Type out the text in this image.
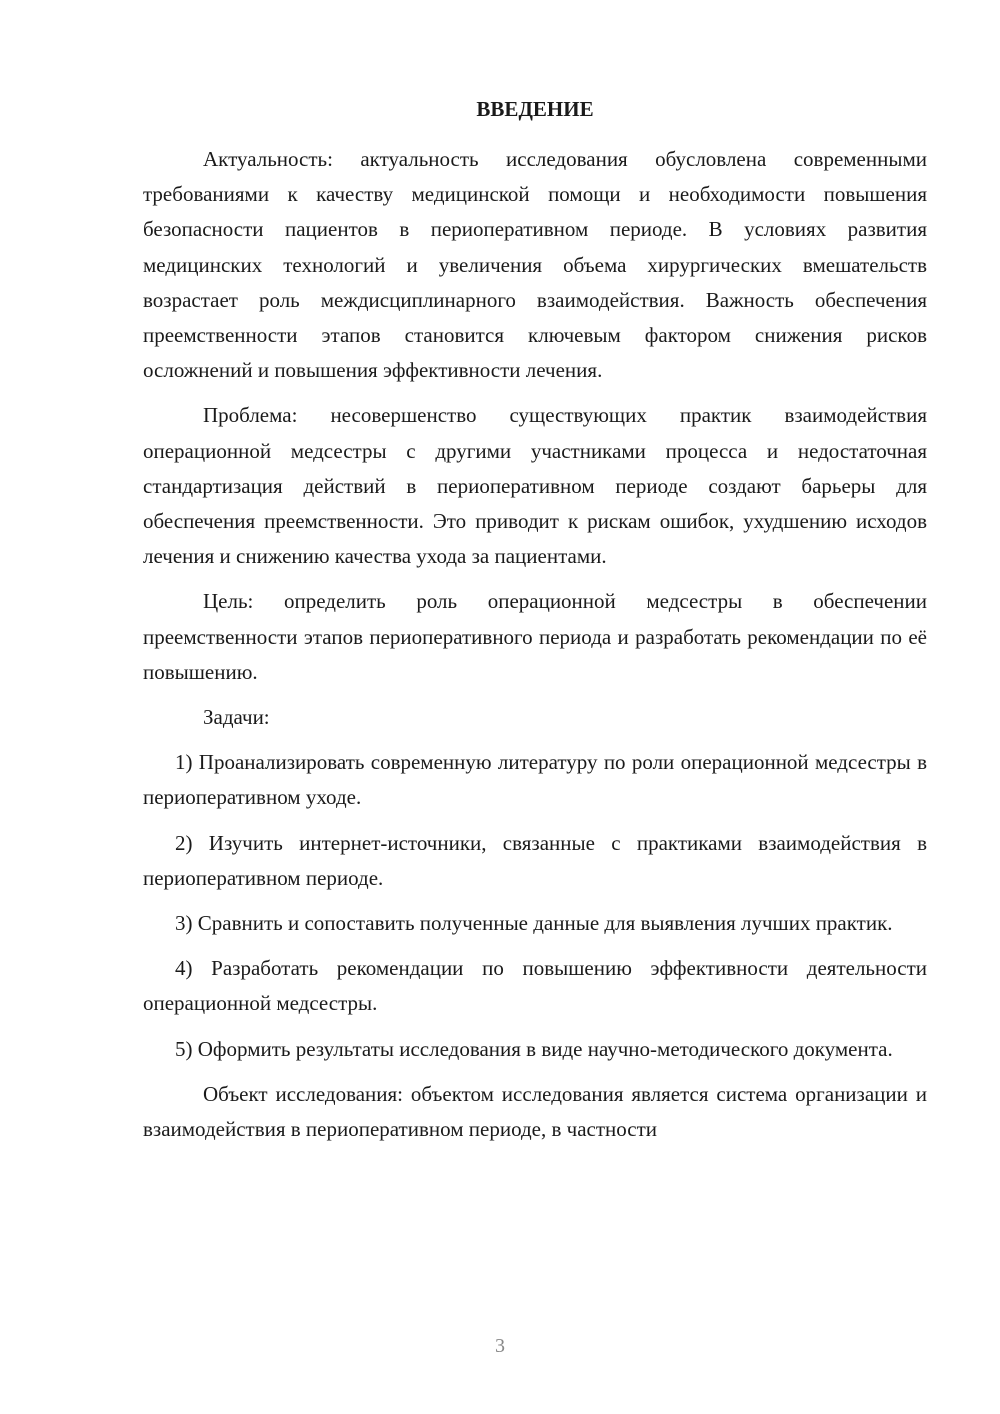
ВВЕДЕНИЕ

Актуальность: актуальность исследования обусловлена современными требованиями к качеству медицинской помощи и необходимости повышения безопасности пациентов в периоперативном периоде. В условиях развития медицинских технологий и увеличения объема хирургических вмешательств возрастает роль междисциплинарного взаимодействия. Важность обеспечения преемственности этапов становится ключевым фактором снижения рисков осложнений и повышения эффективности лечения.

Проблема: несовершенство существующих практик взаимодействия операционной медсестры с другими участниками процесса и недостаточная стандартизация действий в периоперативном периоде создают барьеры для обеспечения преемственности. Это приводит к рискам ошибок, ухудшению исходов лечения и снижению качества ухода за пациентами.

Цель: определить роль операционной медсестры в обеспечении преемственности этапов периоперативного периода и разработать рекомендации по её повышению.

Задачи:

1) Проанализировать современную литературу по роли операционной медсестры в периоперативном уходе.

2) Изучить интернет-источники, связанные с практиками взаимодействия в периоперативном периоде.

3) Сравнить и сопоставить полученные данные для выявления лучших практик.

4) Разработать рекомендации по повышению эффективности деятельности операционной медсестры.

5) Оформить результаты исследования в виде научно-методического документа.

Объект исследования: объектом исследования является система организации и взаимодействия в периоперативном периоде, в частности

3
